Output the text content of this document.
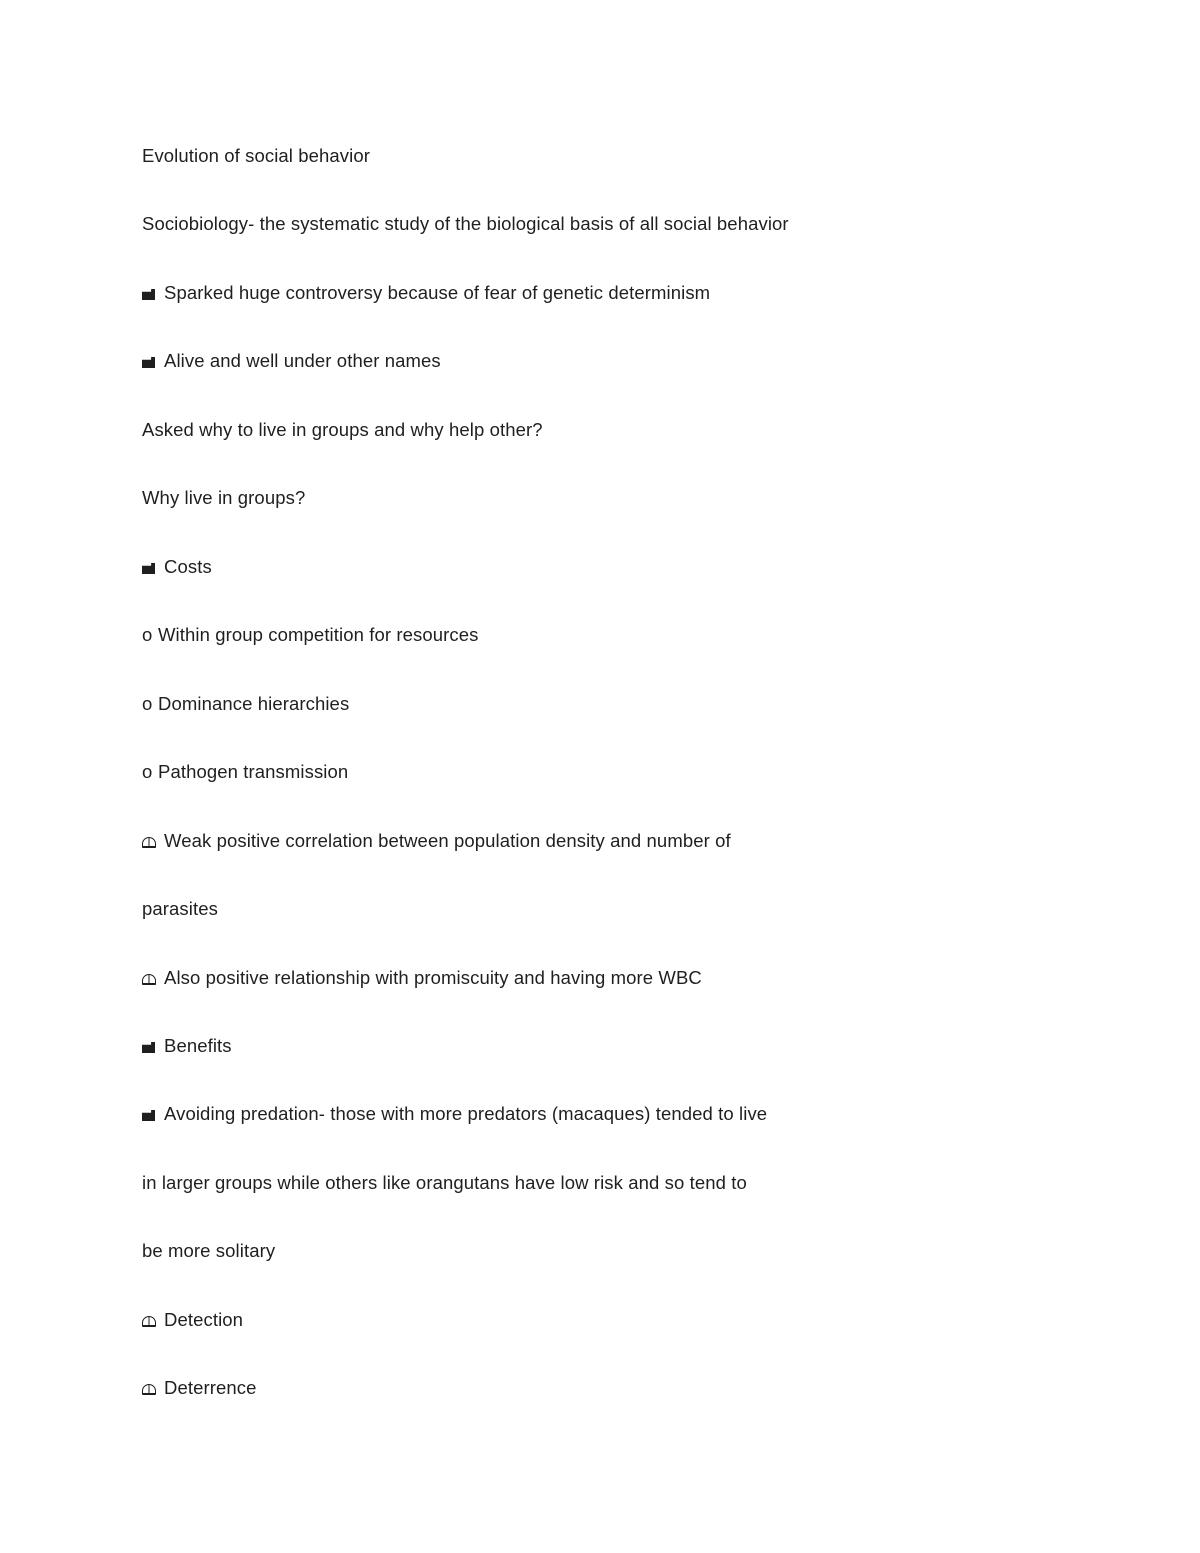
Evolution of social behavior
Sociobiology- the systematic study of the biological basis of all social behavior
Sparked huge controversy because of fear of genetic determinism
Alive and well under other names
Asked why to live in groups and why help other?
Why live in groups?
Costs
o Within group competition for resources
o Dominance hierarchies
o Pathogen transmission
Weak positive correlation between population density and number of
parasites
Also positive relationship with promiscuity and having more WBC
Benefits
Avoiding predation- those with more predators (macaques) tended to live
in larger groups while others like orangutans have low risk and so tend to
be more solitary
Detection
Deterrence
